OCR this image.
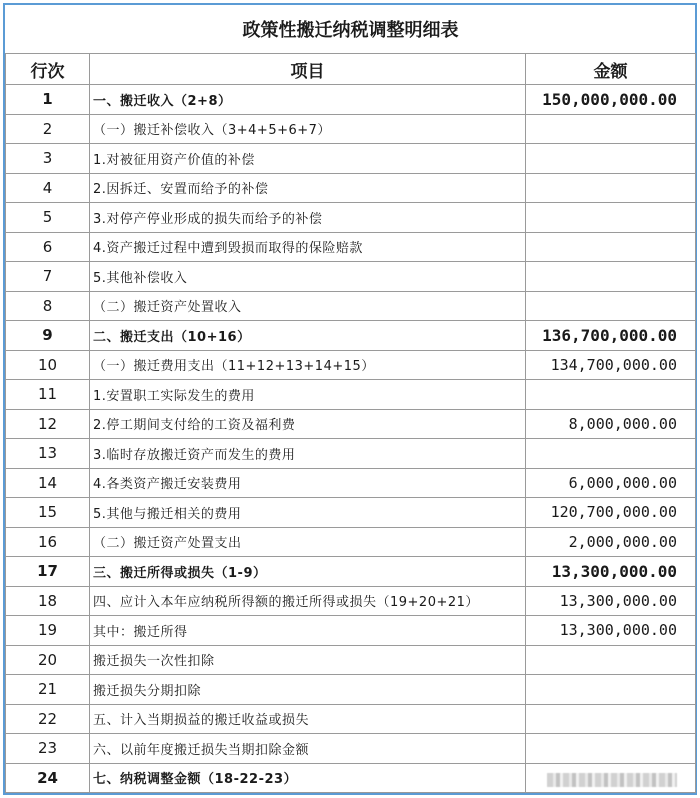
政策性搬迁纳税调整明细表		
行次	项目	金额
1	一、搬迁收入（2+8）	150,000,000.00
2	（一）搬迁补偿收入（3+4+5+6+7）	
3	1.对被征用资产价值的补偿	
4	2.因拆迁、安置而给予的补偿	
5	3.对停产停业形成的损失而给予的补偿	
6	4.资产搬迁过程中遭到毁损而取得的保险赔款	
7	5.其他补偿收入	
8	（二）搬迁资产处置收入	
9	二、搬迁支出（10+16）	136,700,000.00
10	（一）搬迁费用支出（11+12+13+14+15）	134,700,000.00
11	1.安置职工实际发生的费用	
12	2.停工期间支付给的工资及福利费	8,000,000.00
13	3.临时存放搬迁资产而发生的费用	
14	4.各类资产搬迁安装费用	6,000,000.00
15	5.其他与搬迁相关的费用	120,700,000.00
16	（二）搬迁资产处置支出	2,000,000.00
17	三、搬迁所得或损失（1-9）	13,300,000.00
18	四、应计入本年应纳税所得额的搬迁所得或损失（19+20+21）	13,300,000.00
19	其中：搬迁所得	13,300,000.00
20	搬迁损失一次性扣除	
21	搬迁损失分期扣除	
22	五、计入当期损益的搬迁收益或损失	
23	六、以前年度搬迁损失当期扣除金额	
24	七、纳税调整金额（18-22-23）	
